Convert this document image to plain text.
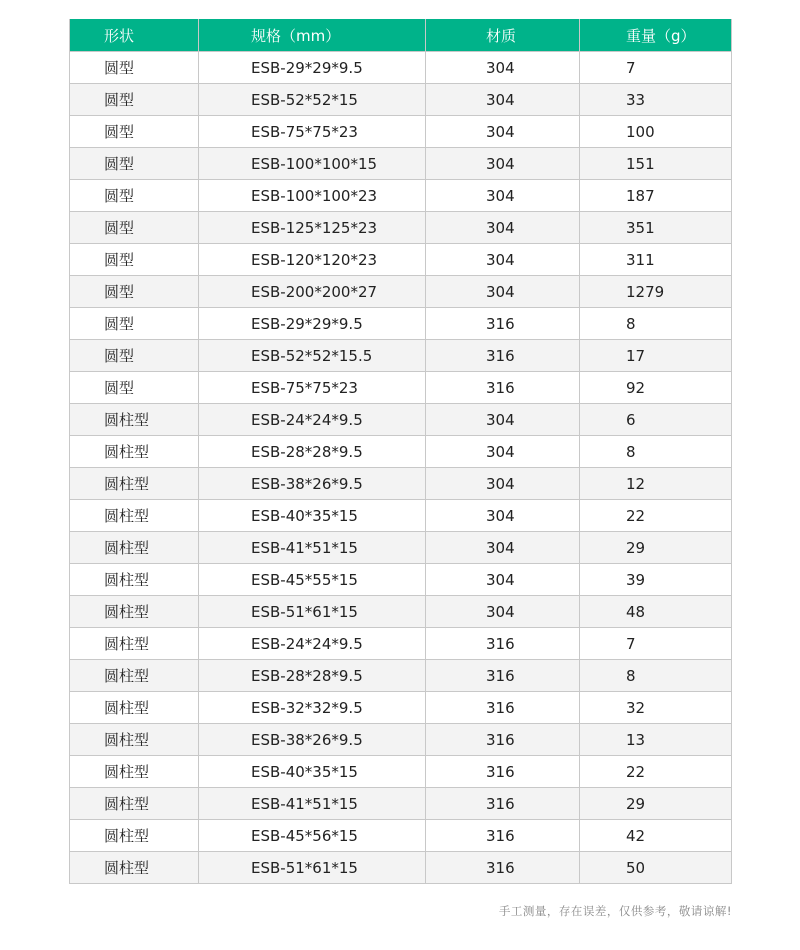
形状	规格（mm）	材质	重量（g）
圆型	ESB-29*29*9.5	304	7
圆型	ESB-52*52*15	304	33
圆型	ESB-75*75*23	304	100
圆型	ESB-100*100*15	304	151
圆型	ESB-100*100*23	304	187
圆型	ESB-125*125*23	304	351
圆型	ESB-120*120*23	304	311
圆型	ESB-200*200*27	304	1279
圆型	ESB-29*29*9.5	316	8
圆型	ESB-52*52*15.5	316	17
圆型	ESB-75*75*23	316	92
圆柱型	ESB-24*24*9.5	304	6
圆柱型	ESB-28*28*9.5	304	8
圆柱型	ESB-38*26*9.5	304	12
圆柱型	ESB-40*35*15	304	22
圆柱型	ESB-41*51*15	304	29
圆柱型	ESB-45*55*15	304	39
圆柱型	ESB-51*61*15	304	48
圆柱型	ESB-24*24*9.5	316	7
圆柱型	ESB-28*28*9.5	316	8
圆柱型	ESB-32*32*9.5	316	32
圆柱型	ESB-38*26*9.5	316	13
圆柱型	ESB-40*35*15	316	22
圆柱型	ESB-41*51*15	316	29
圆柱型	ESB-45*56*15	316	42
圆柱型	ESB-51*61*15	316	50
手工测量，存在误差，仅供参考，敬请谅解!
